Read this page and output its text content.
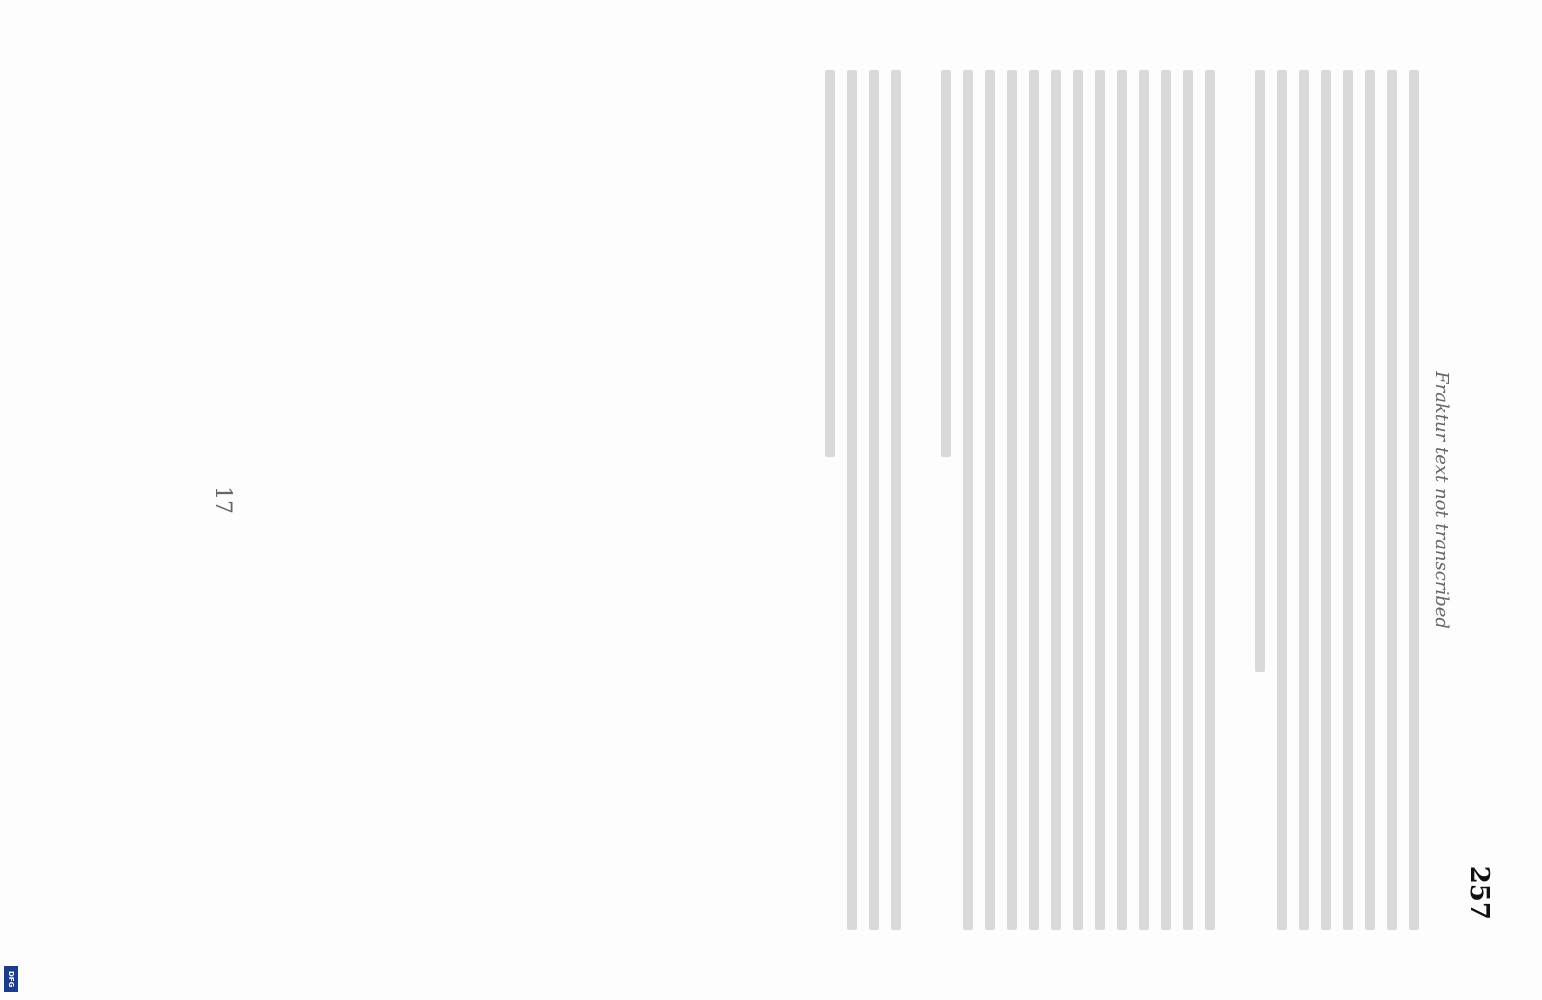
257
Fraktur text not transcribed
17
DFG
